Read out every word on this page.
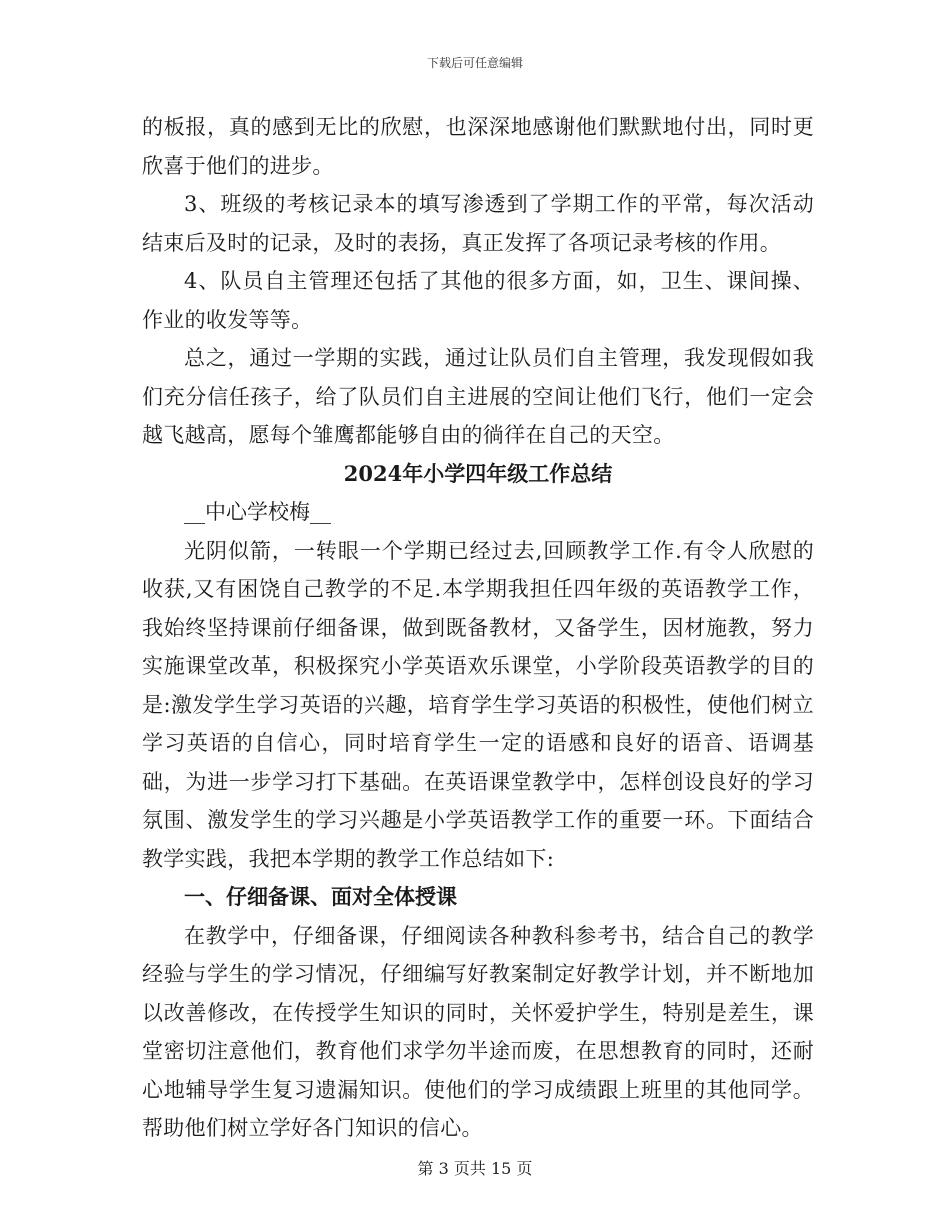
下载后可任意编辑

的板报，真的感到无比的欣慰，也深深地感谢他们默默地付出，同时更欣喜于他们的进步。

3、班级的考核记录本的填写渗透到了学期工作的平常，每次活动结束后及时的记录，及时的表扬，真正发挥了各项记录考核的作用。

4、队员自主管理还包括了其他的很多方面，如，卫生、课间操、作业的收发等等。

总之，通过一学期的实践，通过让队员们自主管理，我发现假如我们充分信任孩子，给了队员们自主进展的空间让他们飞行，他们一定会越飞越高，愿每个雏鹰都能够自由的徜徉在自己的天空。

2024年小学四年级工作总结

__中心学校梅__

光阴似箭，一转眼一个学期已经过去,回顾教学工作.有令人欣慰的收获,又有困饶自己教学的不足.本学期我担任四年级的英语教学工作，我始终坚持课前仔细备课，做到既备教材，又备学生，因材施教，努力实施课堂改革，积极探究小学英语欢乐课堂，小学阶段英语教学的目的是:激发学生学习英语的兴趣，培育学生学习英语的积极性，使他们树立学习英语的自信心，同时培育学生一定的语感和良好的语音、语调基础，为进一步学习打下基础。在英语课堂教学中，怎样创设良好的学习氛围、激发学生的学习兴趣是小学英语教学工作的重要一环。下面结合教学实践，我把本学期的教学工作总结如下:

一、仔细备课、面对全体授课

在教学中，仔细备课，仔细阅读各种教科参考书，结合自己的教学经验与学生的学习情况，仔细编写好教案制定好教学计划，并不断地加以改善修改，在传授学生知识的同时，关怀爱护学生，特别是差生，课堂密切注意他们，教育他们求学勿半途而废，在思想教育的同时，还耐心地辅导学生复习遗漏知识。使他们的学习成绩跟上班里的其他同学。帮助他们树立学好各门知识的信心。

第 3 页共 15 页
